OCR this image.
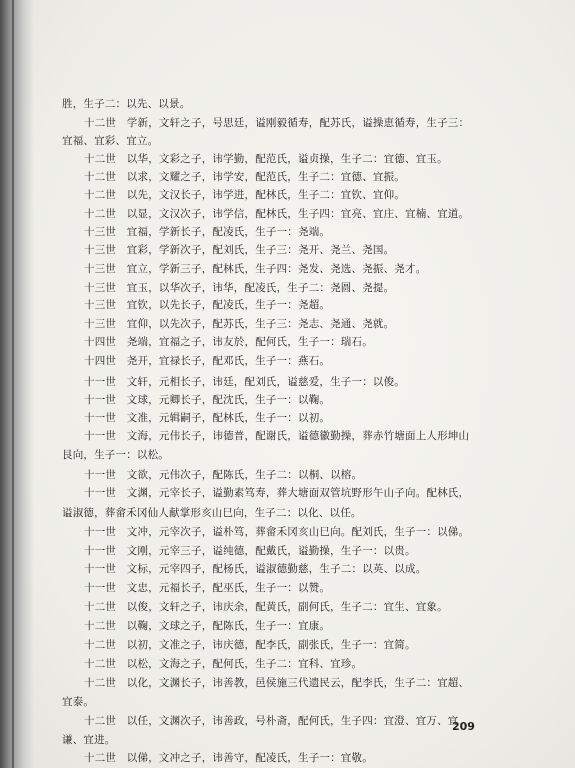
胜，生子二：以先、以景。
十二世　学新，文轩之子，号思廷，谥刚毅循寿，配苏氏，谥操恵循寿，生子三：
宜福、宜彩、宜立。
十二世　以华，文彩之子，讳学勤，配范氏，谥贞操，生子二：宜德、宜玉。
十二世　以求，文耀之子，讳学安，配范氏，生子二：宜德、宜振。
十二世　以先，文汉长子，讳学进，配林氏，生子二：宜钦、宜仰。
十二世　以显，文汉次子，讳学信，配林氏，生子四：宜亮、宜庄、宜楠、宜道。
十三世　宜福，学新长子，配凌氏，生子一：尧端。
十三世　宜彩，学新次子，配刘氏，生子三：尧开、尧兰、尧国。
十三世　宜立，学新三子，配林氏，生子四：尧发、尧选、尧振、尧才。
十三世　宜玉，以华次子，讳华，配凌氏，生子二：尧圆、尧提。
十三世　宜钦，以先长子，配凌氏，生子一：尧超。
十三世　宜仰，以先次子，配苏氏，生子三：尧志、尧通、尧就。
十四世　尧端，宜福之子，讳友於，配何氏，生子一：瑞石。
十四世　尧开，宜禄长子，配邓氏，生子一：燕石。
十一世　文轩，元相长子，讳廷，配刘氏，谥慈爱，生子一：以俊。
十一世　文球，元卿长子，配沈氏，生子一：以鞠。
十一世　文准，元辑嗣子，配林氏，生子一：以初。
十一世　文海，元伟长子，讳德普，配谢氏，谥德徽勤操，葬赤竹塘面上人形坤山
艮向，生子一：以松。
十一世　文欲，元伟次子，配陈氏，生子二：以桐、以榕。
十一世　文渊，元宰长子，谥勤素笃寿，葬大塘面双管坑野形午山子向。配林氏，
谥淑德，葬畲禾冈仙人献掌形亥山巳向，生子二：以化、以任。
十一世　文冲，元宰次子，谥朴笃，葬畲禾冈亥山巳向。配刘氏，生子一：以俤。
十一世　文刚，元宰三子，谥纯德，配戴氏，谥勤操，生子一：以贵。
十一世　文标，元宰四子，配杨氏，谥淑德勤慈，生子二：以英、以成。
十一世　文忠，元福长子，配巫氏，生子一：以赞。
十二世　以俊，文轩之子，讳庆余，配黄氏，副何氏，生子二：宜生、宜象。
十二世　以鞠，文球之子，配陈氏，生子一：宜康。
十二世　以初，文准之子，讳庆德，配李氏，副张氏，生子一：宜简。
十二世　以松，文海之子，配何氏，生子二：宜科、宜珍。
十二世　以化，文渊长子，讳善教，邑侯施三代遗民云，配李氏，生子二：宜超、
宜泰。
十二世　以任，文渊次子，讳善政，号朴斋，配何氏，生子四：宜澄、宜万、宜
谦、宜进。
十二世　以俤，文冲之子，讳善守，配凌氏，生子一：宜敬。
209
